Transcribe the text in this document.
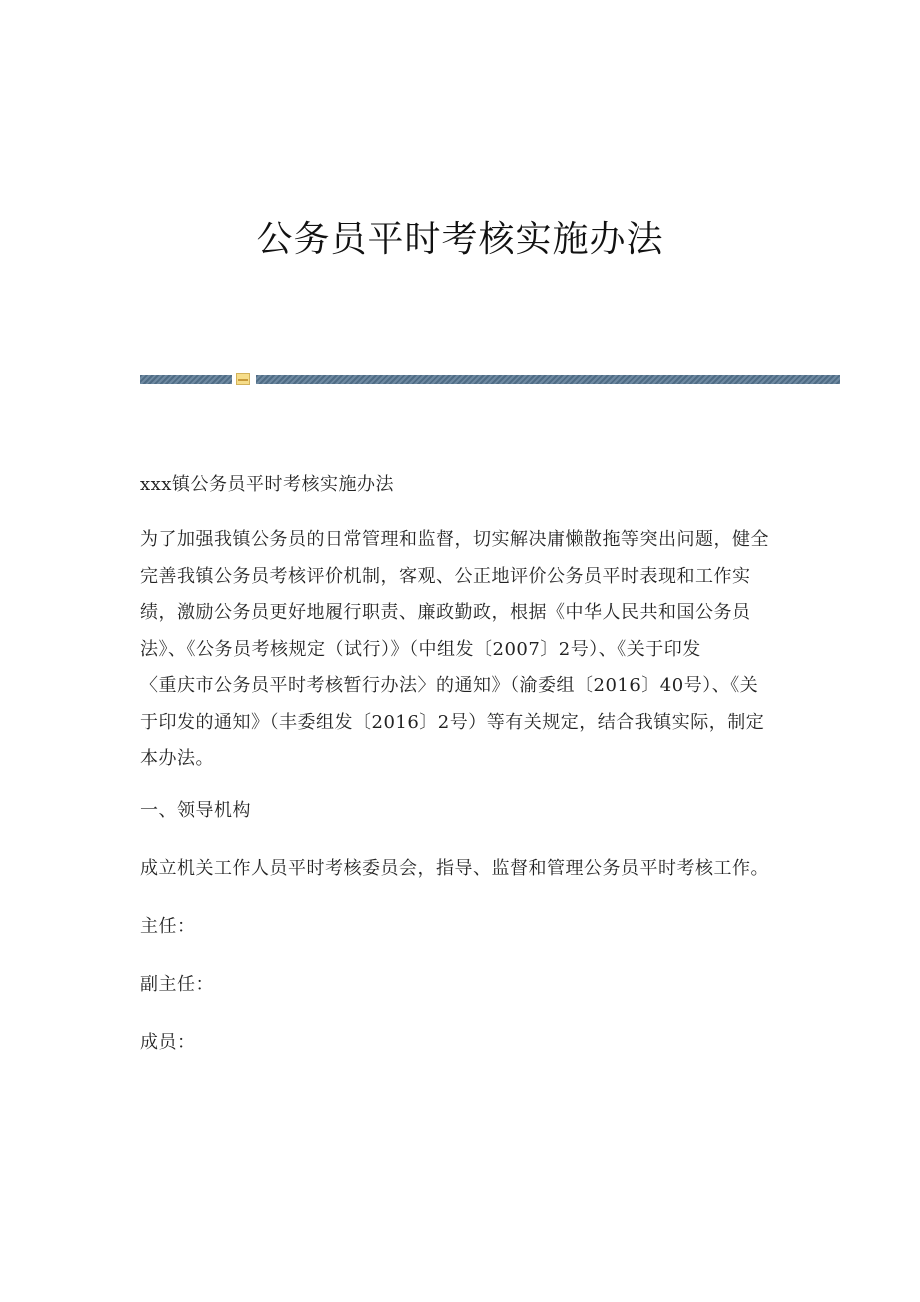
公务员平时考核实施办法
xxx镇公务员平时考核实施办法
为了加强我镇公务员的日常管理和监督，切实解决庸懒散拖等突出问题，健全
完善我镇公务员考核评价机制，客观、公正地评价公务员平时表现和工作实
绩，激励公务员更好地履行职责、廉政勤政，根据《中华人民共和国公务员
法》、《公务员考核规定（试行）》（中组发〔2007〕2号）、《关于印发
〈重庆市公务员平时考核暂行办法〉的通知》（渝委组〔2016〕40号）、《关
于印发的通知》（丰委组发〔2016〕2号）等有关规定，结合我镇实际，制定
本办法。
一、领导机构
成立机关工作人员平时考核委员会，指导、监督和管理公务员平时考核工作。
主任：
副主任：
成员：
